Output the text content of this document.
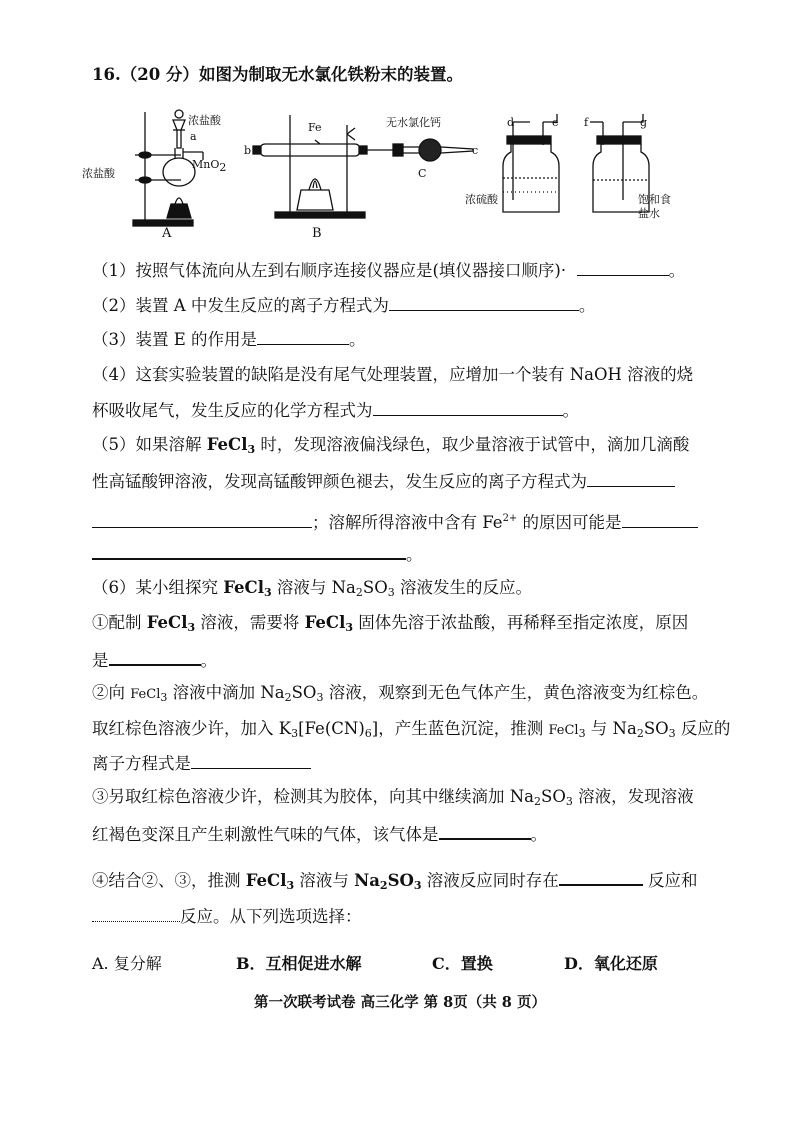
16.（20 分）如图为制取无水氯化铁粉末的装置。
浓盐酸
a
浓盐酸
MnO2
A
Fe
b
B
无水氯化钙
c
C
d	e f	g
浓硫酸	饱和食
盐水
（1）按照气体流向从左到右顺序连接仪器应是(填仪器接口顺序)·	。
（2）装置 A 中发生反应的离子方程式为	。
（3）装置 E 的作用是	。
（4）这套实验装置的缺陷是没有尾气处理装置，应增加一个装有 NaOH 溶液的烧
杯吸收尾气，发生反应的化学方程式为	。
（5）如果溶解 FeCl$_3$ 时，发现溶液偏浅绿色，取少量溶液于试管中，滴加几滴酸
性高锰酸钾溶液，发现高锰酸钾颜色褪去，发生反应的离子方程式为
；溶解所得溶液中含有 $Fe^{2+}$ 的原因可能是
。
（6）某小组探究 FeCl$_3$ 溶液与 $Na_2SO_3$ 溶液发生的反应。
①配制 FeCl$_3$ 溶液，需要将 FeCl$_3$ 固体先溶于浓盐酸，再稀释至指定浓度，原因
是	。
②向 FeCl$_3$ 溶液中滴加 $Na_2SO_3$ 溶液，观察到无色气体产生，黄色溶液变为红棕色。
取红棕色溶液少许，加入 $K_3[Fe(CN)_6]$，产生蓝色沉淀，推测 FeCl$_3$ 与 $Na_2SO_3$ 反应的
离子方程式是
③另取红棕色溶液少许，检测其为胶体，向其中继续滴加 $Na_2SO_3$ 溶液，发现溶液
红褐色变深且产生刺激性气味的气体，该气体是	。
④结合②、③，推测 FeCl$_3$ 溶液与 $Na_2SO_3$ 溶液反应同时存在	反应和
反应。从下列选项选择：
A. 复分解	B．互相促进水解	C．置换	D．氧化还原
第一次联考试卷 高三化学 第 8页（共 8 页）
